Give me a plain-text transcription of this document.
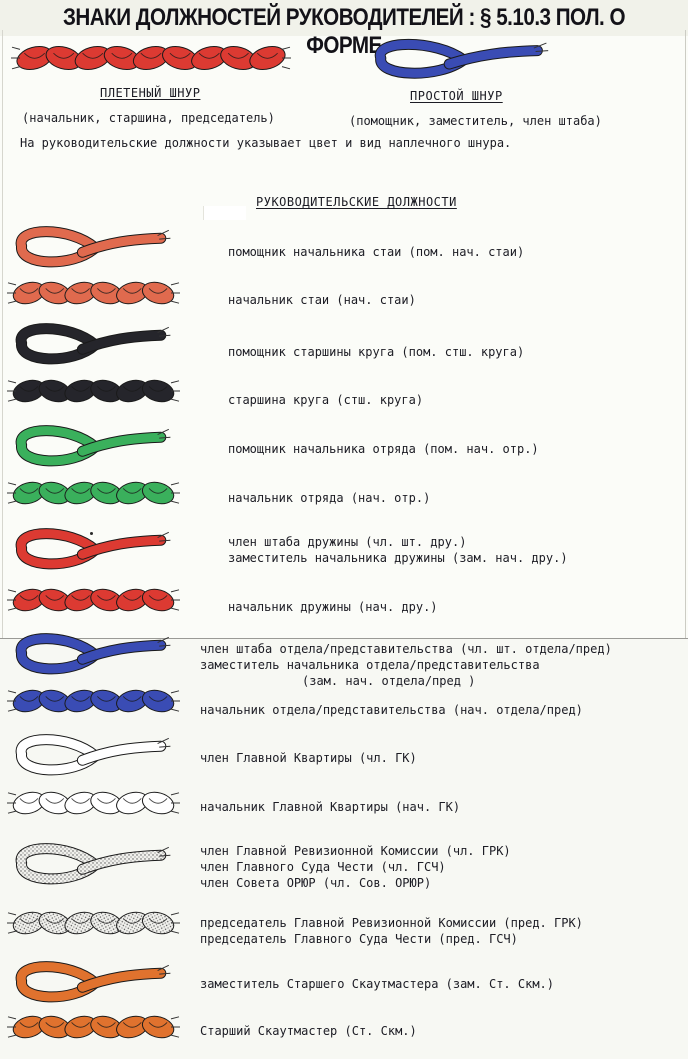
ЗНАКИ ДОЛЖНОСТЕЙ РУКОВОДИТЕЛЕЙ : § 5.10.3 ПОЛ. О ФОРМЕ
ПЛЕТЕНЫЙ ШНУР	ПРОСТОЙ ШНУР
(начальник, старшина, председатель)	(помощник, заместитель, член штаба)
На руководительские должности указывает цвет и вид наплечного шнура.
РУКОВОДИТЕЛЬСКИЕ ДОЛЖНОСТИ
помощник начальника стаи (пом. нач. стаи)
начальник стаи (нач. стаи)
помощник старшины круга (пом. стш. круга)
старшина круга (стш. круга)
помощник начальника отряда (пом. нач. отр.)
начальник отряда (нач. отр.)
член штаба дружины (чл. шт. дру.)
заместитель начальника дружины (зам. нач. дру.)
начальник дружины (нач. дру.)
член штаба отдела/представительства (чл. шт. отдела/пред)
заместитель начальника отдела/представительства
(зам. нач. отдела/пред )
начальник отдела/представительства (нач. отдела/пред)
член Главной Квартиры (чл. ГК)
начальник Главной Квартиры (нач. ГК)
член Главной Ревизионной Комиссии (чл. ГРК)
член Главного Суда Чести (чл. ГСЧ)
член Совета ОРЮР (чл. Сов. ОРЮР)
председатель Главной Ревизионной Комиссии (пред. ГРК)
председатель Главного Суда Чести (пред. ГСЧ)
заместитель Старшего Скаутмастера (зам. Ст. Скм.)
Старший Скаутмастер (Ст. Скм.)
